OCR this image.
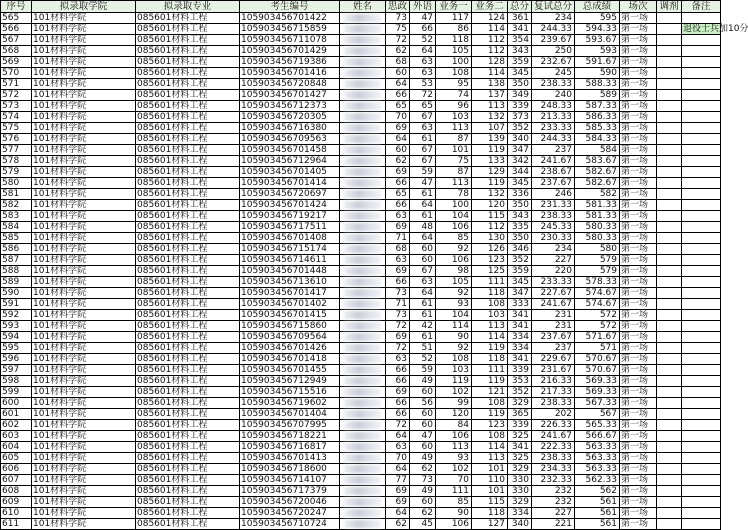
序号	拟录取学院	拟录取专业	考生编号	姓名	思政	外语	业务一	业务二	总分	复试总分	总成绩	场次	调剂	备注
565	101材料学院	085601材料工程	105903456701422		73	47	117	124	361	234	595	第一场		
566	101材料学院	085601材料工程	105903456715859		75	66	86	114	341	244.33	594.33	第一场		退役士兵加10分
567	101材料学院	085601材料工程	105903456711078		72	52	118	112	354	239.67	593.67	第一场		
568	101材料学院	085601材料工程	105903456701429		62	64	105	112	343	250	593	第一场		
569	101材料学院	085601材料工程	105903456719386		68	63	100	128	359	232.67	591.67	第一场		
570	101材料学院	085601材料工程	105903456701416		60	63	108	114	345	245	590	第一场		
571	101材料学院	085601材料工程	105903456720848		64	53	95	138	350	238.33	588.33	第一场		
572	101材料学院	085601材料工程	105903456701427		66	72	74	137	349	240	589	第一场		
573	101材料学院	085601材料工程	105903456712373		65	65	96	113	339	248.33	587.33	第一场		
574	101材料学院	085601材料工程	105903456720305		70	67	103	132	373	213.33	586.33	第一场		
575	101材料学院	085601材料工程	105903456716380		69	63	113	107	352	233.33	585.33	第一场		
576	101材料学院	085601材料工程	105903456709563		64	61	87	139	340	244.33	584.33	第一场		
577	101材料学院	085601材料工程	105903456701458		60	67	101	119	347	237	584	第一场		
578	101材料学院	085601材料工程	105903456712964		62	67	75	133	342	241.67	583.67	第一场		
579	101材料学院	085601材料工程	105903456701405		69	59	87	129	344	238.67	582.67	第一场		
580	101材料学院	085601材料工程	105903456701414		66	47	113	119	345	237.67	582.67	第一场		
581	101材料学院	085601材料工程	105903456720697		65	61	78	132	336	246	582	第一场		
582	101材料学院	085601材料工程	105903456701424		66	64	100	120	350	231.33	581.33	第一场		
583	101材料学院	085601材料工程	105903456719217		63	61	104	115	343	238.33	581.33	第一场		
584	101材料学院	085601材料工程	105903456717511		69	48	106	112	335	245.33	580.33	第一场		
585	101材料学院	085601材料工程	105903456701408		71	64	85	130	350	230.33	580.33	第一场		
586	101材料学院	085601材料工程	105903456715174		68	60	92	126	346	234	580	第一场		
587	101材料学院	085601材料工程	105903456714611		63	60	106	123	352	227	579	第一场		
588	101材料学院	085601材料工程	105903456701448		69	67	98	125	359	220	579	第一场		
589	101材料学院	085601材料工程	105903456713610		66	63	105	111	345	233.33	578.33	第一场		
590	101材料学院	085601材料工程	105903456701417		73	64	92	118	347	227.67	574.67	第一场		
591	101材料学院	085601材料工程	105903456701402		71	61	93	108	333	241.67	574.67	第一场		
592	101材料学院	085601材料工程	105903456701415		73	61	104	103	341	231	572	第一场		
593	101材料学院	085601材料工程	105903456715860		72	42	114	113	341	231	572	第一场		
594	101材料学院	085601材料工程	105903456709564		69	61	90	114	334	237.67	571.67	第一场		
595	101材料学院	085601材料工程	105903456701426		72	51	92	119	334	237	571	第一场		
596	101材料学院	085601材料工程	105903456701418		63	52	108	118	341	229.67	570.67	第一场		
597	101材料学院	085601材料工程	105903456701455		66	59	103	111	339	231.67	570.67	第一场		
598	101材料学院	085601材料工程	105903456712949		66	49	119	119	353	216.33	569.33	第一场		
599	101材料学院	085601材料工程	105903456715516		69	60	102	121	352	217.33	569.33	第一场		
600	101材料学院	085601材料工程	105903456719602		66	56	99	108	329	238.33	567.33	第一场		
601	101材料学院	085601材料工程	105903456701404		66	60	120	119	365	202	567	第一场		
602	101材料学院	085601材料工程	105903456707995		72	60	84	123	339	226.33	565.33	第一场		
603	101材料学院	085601材料工程	105903456718221		64	47	106	108	325	241.67	566.67	第一场		
604	101材料学院	085601材料工程	105903456716817		63	60	113	114	341	222.33	563.33	第一场		
605	101材料学院	085601材料工程	105903456701413		70	49	93	113	325	238.33	563.33	第一场		
606	101材料学院	085601材料工程	105903456718600		64	62	102	101	329	234.33	563.33	第一场		
607	101材料学院	085601材料工程	105903456714107		77	73	70	110	330	232.33	562.33	第一场		
608	101材料学院	085601材料工程	105903456717379		69	49	111	101	330	232	562	第一场		
609	101材料学院	085601材料工程	105903456720046		69	60	85	115	329	232	561	第一场		
610	101材料学院	085601材料工程	105903456720247		64	62	90	118	334	227	561	第一场		
611	101材料学院	085601材料工程	105903456710724		62	45	106	127	340	221	561	第一场		
